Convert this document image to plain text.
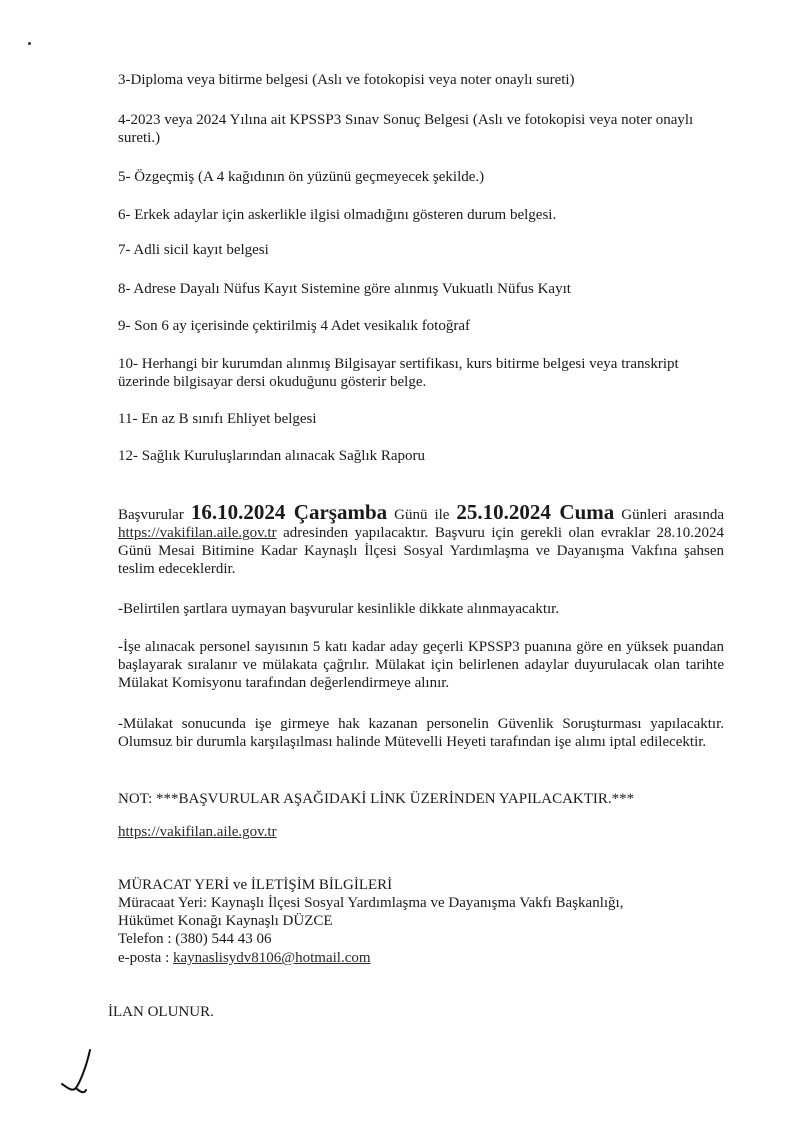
3-Diploma veya bitirme belgesi (Aslı ve fotokopisi veya noter onaylı sureti)
4-2023 veya 2024 Yılına ait KPSSP3 Sınav Sonuç Belgesi (Aslı ve fotokopisi veya noter onaylı sureti.)
5- Özgeçmiş (A 4 kağıdının ön yüzünü geçmeyecek şekilde.)
6- Erkek adaylar için askerlikle ilgisi olmadığını gösteren durum belgesi.
7- Adli sicil kayıt belgesi
8- Adrese Dayalı Nüfus Kayıt Sistemine göre alınmış Vukuatlı Nüfus Kayıt
9- Son 6 ay içerisinde çektirilmiş 4 Adet vesikalık fotoğraf
10- Herhangi bir kurumdan alınmış Bilgisayar sertifikası, kurs bitirme belgesi veya transkript üzerinde bilgisayar dersi okuduğunu gösterir belge.
11- En az B sınıfı Ehliyet belgesi
12- Sağlık Kuruluşlarından alınacak Sağlık Raporu
Başvurular 16.10.2024 Çarşamba Günü ile 25.10.2024 Cuma Günleri arasında https://vakifilan.aile.gov.tr adresinden yapılacaktır. Başvuru için gerekli olan evraklar 28.10.2024 Günü Mesai Bitimine Kadar Kaynaşlı İlçesi Sosyal Yardımlaşma ve Dayanışma Vakfına şahsen teslim edeceklerdir.
-Belirtilen şartlara uymayan başvurular kesinlikle dikkate alınmayacaktır.
-İşe alınacak personel sayısının 5 katı kadar aday geçerli KPSSP3 puanına göre en yüksek puandan başlayarak sıralanır ve mülakata çağrılır. Mülakat için belirlenen adaylar duyurulacak olan tarihte Mülakat Komisyonu tarafından değerlendirmeye alınır.
-Mülakat sonucunda işe girmeye hak kazanan personelin Güvenlik Soruşturması yapılacaktır. Olumsuz bir durumla karşılaşılması halinde Mütevelli Heyeti tarafından işe alımı iptal edilecektir.
NOT: ***BAŞVURULAR AŞAĞIDAKİ LİNK ÜZERİNDEN YAPILACAKTIR.***
https://vakifilan.aile.gov.tr
MÜRACAT YERİ ve İLETİŞİM BİLGİLERİ
Müracaat Yeri: Kaynaşlı İlçesi Sosyal Yardımlaşma ve Dayanışma Vakfı Başkanlığı,
Hükümet Konağı Kaynaşlı DÜZCE
Telefon : (380) 544 43 06
e-posta : kaynaslisydv8106@hotmail.com
İLAN OLUNUR.
